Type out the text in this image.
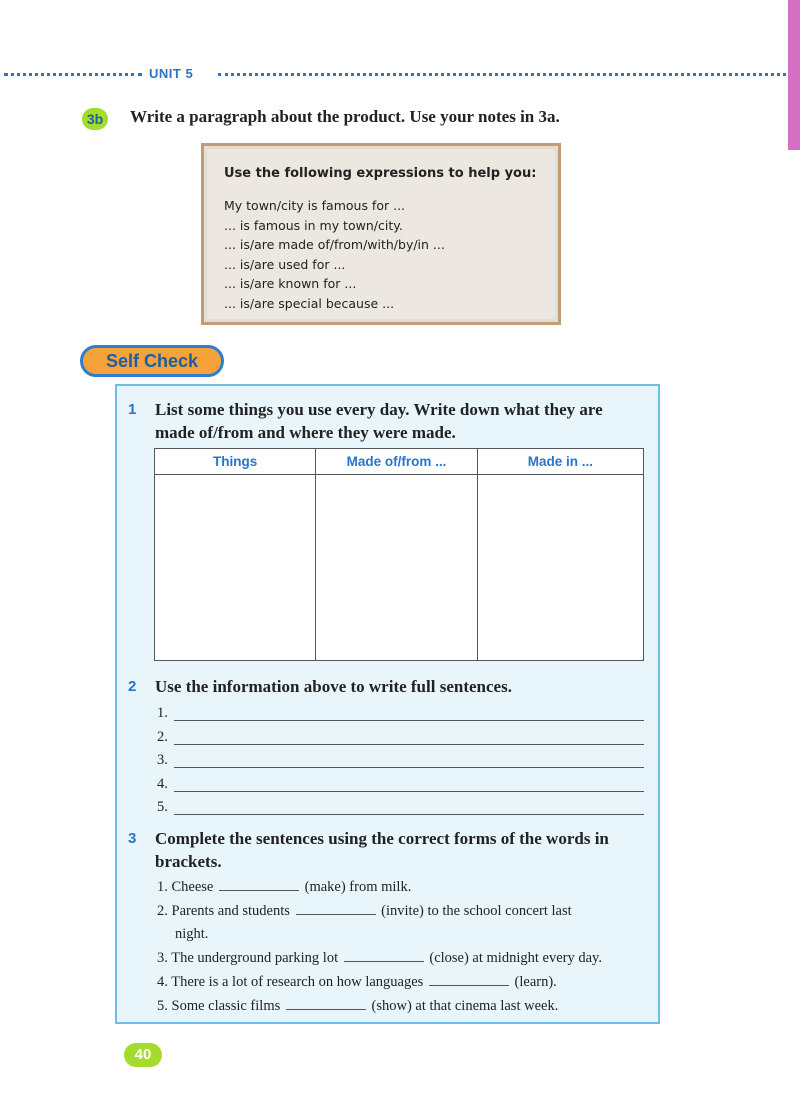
UNIT 5
3b Write a paragraph about the product. Use your notes in 3a.
Use the following expressions to help you:
My town/city is famous for ...
... is famous in my town/city.
... is/are made of/from/with/by/in ...
... is/are used for ...
... is/are known for ...
... is/are special because ...
Self Check
1 List some things you use every day. Write down what they are
made of/from and where they were made.
Things	Made of/from ...	Made in ...

2 Use the information above to write full sentences.
1.
2.
3.
4.
5.
3 Complete the sentences using the correct forms of the words in
brackets.
1. Cheese	(make) from milk.
2. Parents and students	(invite) to the school concert last
night.
3. The underground parking lot	(close) at midnight every day.
4. There is a lot of research on how languages	(learn).
5. Some classic films	(show) at that cinema last week.
40
